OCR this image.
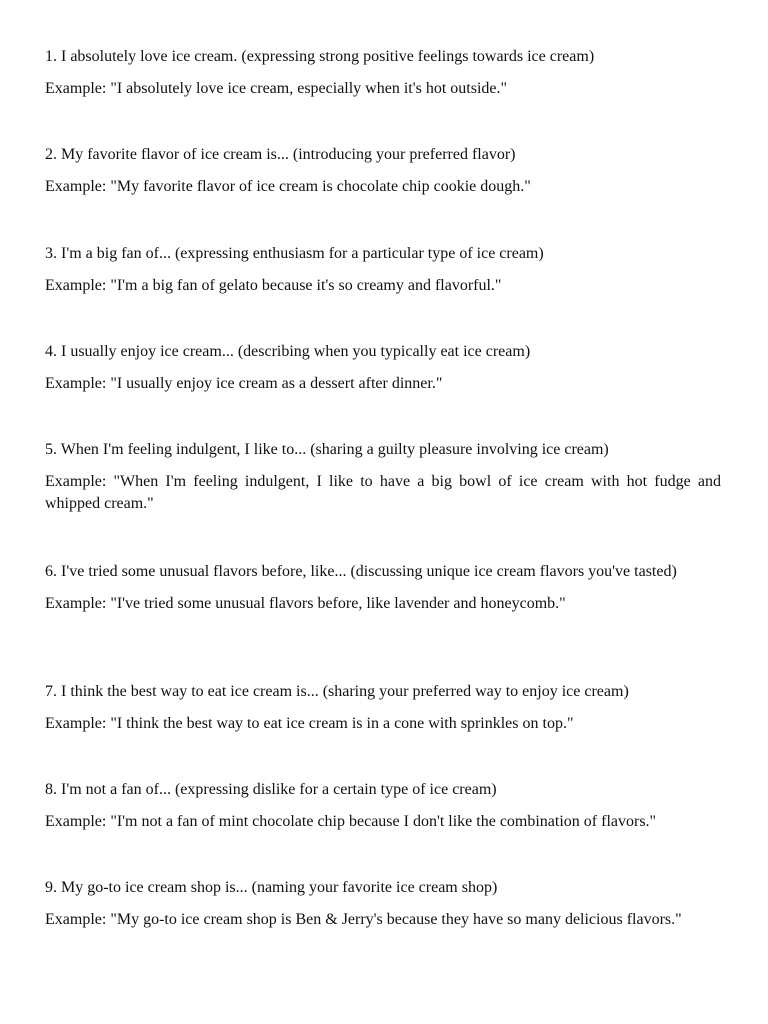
1. I absolutely love ice cream. (expressing strong positive feelings towards ice cream)

Example: "I absolutely love ice cream, especially when it's hot outside."

2. My favorite flavor of ice cream is... (introducing your preferred flavor)

Example: "My favorite flavor of ice cream is chocolate chip cookie dough."

3. I'm a big fan of... (expressing enthusiasm for a particular type of ice cream)

Example: "I'm a big fan of gelato because it's so creamy and flavorful."

4. I usually enjoy ice cream... (describing when you typically eat ice cream)

Example: "I usually enjoy ice cream as a dessert after dinner."

5. When I'm feeling indulgent, I like to... (sharing a guilty pleasure involving ice cream)

Example: "When I'm feeling indulgent, I like to have a big bowl of ice cream with hot fudge and whipped cream."

6. I've tried some unusual flavors before, like... (discussing unique ice cream flavors you've tasted)

Example: "I've tried some unusual flavors before, like lavender and honeycomb."

7. I think the best way to eat ice cream is... (sharing your preferred way to enjoy ice cream)

Example: "I think the best way to eat ice cream is in a cone with sprinkles on top."

8. I'm not a fan of... (expressing dislike for a certain type of ice cream)

Example: "I'm not a fan of mint chocolate chip because I don't like the combination of flavors."

9. My go-to ice cream shop is... (naming your favorite ice cream shop)

Example: "My go-to ice cream shop is Ben & Jerry's because they have so many delicious flavors."
